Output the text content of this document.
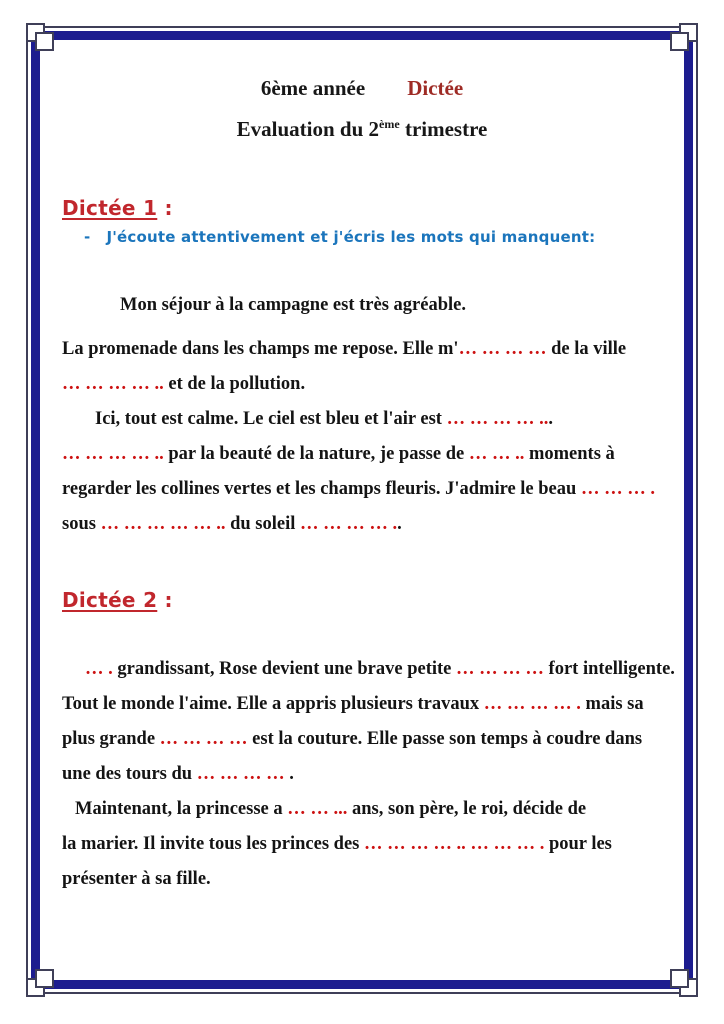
6ème année Dictée
Evaluation du 2ème trimestre
Dictée 1 :
- J'écoute attentivement et j'écris les mots qui manquent:
Mon séjour à la campagne est très agréable.
La promenade dans les champs me repose. Elle m'… … … … de la ville
… … … … .. et de la pollution.
Ici, tout est calme. Le ciel est bleu et l'air est … … … … ...
… … … … .. par la beauté de la nature, je passe de … … .. moments à
regarder les collines vertes et les champs fleuris. J'admire le beau … … … .
sous … … … … … .. du soleil … … … … ..
Dictée 2 :
… . grandissant, Rose devient une brave petite … … … … fort intelligente.
Tout le monde l'aime. Elle a appris plusieurs travaux … … … … . mais sa
plus grande … … … … est la couture. Elle passe son temps à coudre dans
une des tours du … … … … .
Maintenant, la princesse a … … ... ans, son père, le roi, décide de
la marier. Il invite tous les princes des … … … … .. … … … . pour les
présenter à sa fille.
